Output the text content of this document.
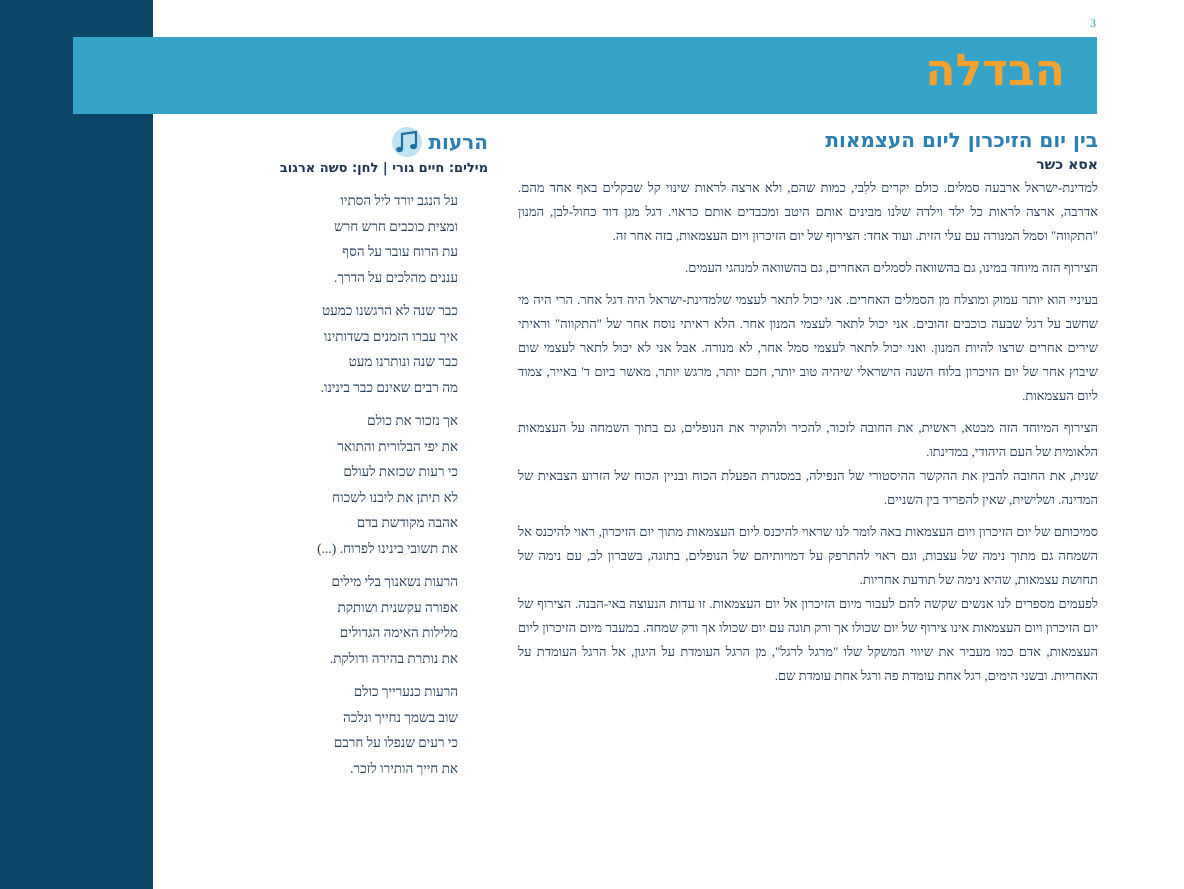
3
הבדלה
בין יום הזיכרון ליום העצמאות
אסא כשר

למדינת-ישראל ארבעה סמלים. כולם יקרים ללִבי, כמות שהם, ולא ארצה לראות שינוי קל שבקלים באף אחד מהם. אדרבה, ארצה לראות כל ילד וילדה שלנו מבינים אותם היטב ומכבדים אותם כראוי. דגל מגן דוד כחול-לבן, המנון "התקווה" וסמל המנורה עם עלי הזית. ועוד אחד: הצירוף של יום הזיכרון ויום העצמאות, בזה אחר זה.

הצירוף הזה מיוחד במינו, גם בהשוואה לסמלים האחרים, גם בהשוואה למנהגי העמים.

בעיניי הוא יותר עמוק ומוצלח מן הסמלים האחרים. אני יכול לתאר לעצמי שלמדינת-ישראל היה דגל אחר. הרי היה מי שחשב על דגל שבעה כוכבים זהובים. אני יכול לתאר לעצמי המנון אחר. הלא ראיתי נוסח אחר של "התקווה" וראיתי שירים אחרים שרצו להיות המנון. ואני יכול לתאר לעצמי סמל אחר, לא מנורה. אבל אני לא יכול לתאר לעצמי שום שיבוץ אחר של יום הזיכרון בלוח השנה הישראלי שיהיה טוב יותר, חכם יותר, מרגש יותר, מאשר ביום ד' באייר, צמוד ליום העצמאות.

הצירוף המיוחד הזה מבטא, ראשית, את החובה לזכור, להכיר ולהוקיר את הנופלים, גם בתוך השמחה על העצמאות הלאומית של העם היהודי, במדינתו.

שנית, את החובה להבין את ההקשר ההיסטורי של הנפילה, במסגרת הפעלת הכוח ובניין הכוח של הזרוע הצבאית של המדינה. ושלישית, שאין להפריד בין השניים.

סמיכותם של יום הזיכרון ויום העצמאות באה לומר לנו שראוי להיכנס ליום העצמאות מתוך יום הזיכרון, ראוי להיכנס אל השמחה גם מתוך נימה של עצבות, וגם ראוי להתרפק על דמויותיהם של הנופלים, בתוגה, בשברון לב, עם נימה של תחושת עצמאות, שהיא נימה של תודעת אחריות.

לפעמים מספרים לנו אנשים שקשה להם לעבור מיום הזיכרון אל יום העצמאות. זו עדות הנעוצה באי-הבנה. הצירוף של יום הזיכרון ויום העצמאות אינו צירוף של יום שכולו אך ורק תוגה עם יום שכולו אך ורק שמחה. במעבר מיום הזיכרון ליום העצמאות, אדם כמו מעביר את שיווי המשקל שלו "מרגל לרגל", מן הרגל העומדת על היגון, אל הרגל העומדת על האחריות. ובשני הימים, רגל אחת עומדת פה ורגל אחת עומדת שם.

הרעות
מילים: חיים גורי | לחן: סשה ארגוב
על הנגב יורד ליל הסתיו
ומצית כוכבים חרש חרש
עת הרוח עובר על הסף
עננים מהלכים על הדרך.
כבר שנה לא הרגשנו כמעט
איך עברו הזמנים בשדותינו
כבר שנה ונותרנו מעט
מה רבים שאינם כבר בינינו.
אך נזכור את כולם
את יפי הבלורית והתואר
כי רעות שכזאת לעולם
לא תיתן את ליבנו לשכוח
אהבה מקודשת בדם
את תשובי בינינו לפרוח. (...)
הרעות נשאנוך בלי מילים
אפורה עקשנית ושותקת
מלילות האימה הגדולים
את נותרת בהירה ודולקת.
הרעות כנערייך כולם
שוב בשמך נחייך ונלכה
כי רעים שנפלו על חרבם
את חייך הותירו לזכר.
